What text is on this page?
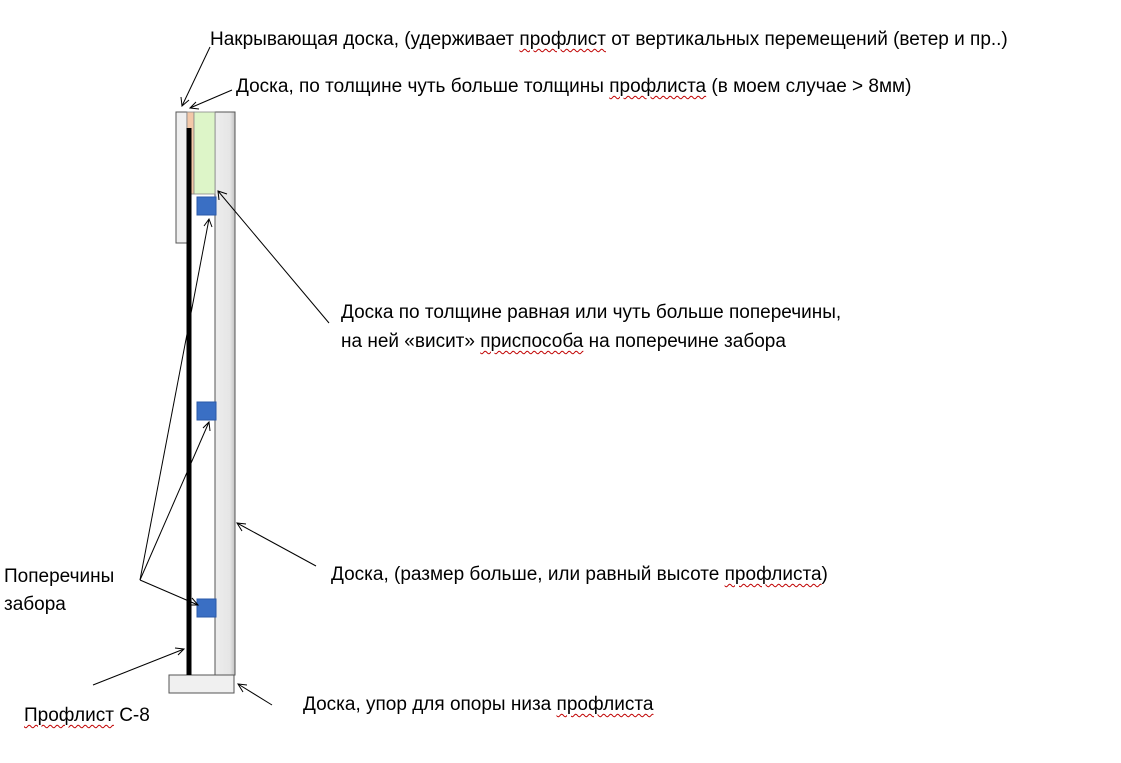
Накрывающая доска, (удерживает профлист от вертикальных перемещений (ветер и пр..)
Доска, по толщине чуть больше толщины профлиста (в моем случае > 8мм)
Доска по толщине равная или чуть больше поперечины,
на ней «висит» приспособа на поперечине забора
Поперечины
забора
Доска, (размер больше, или равный высоте профлиста)
Доска, упор для опоры низа профлиста
Профлист С-8
